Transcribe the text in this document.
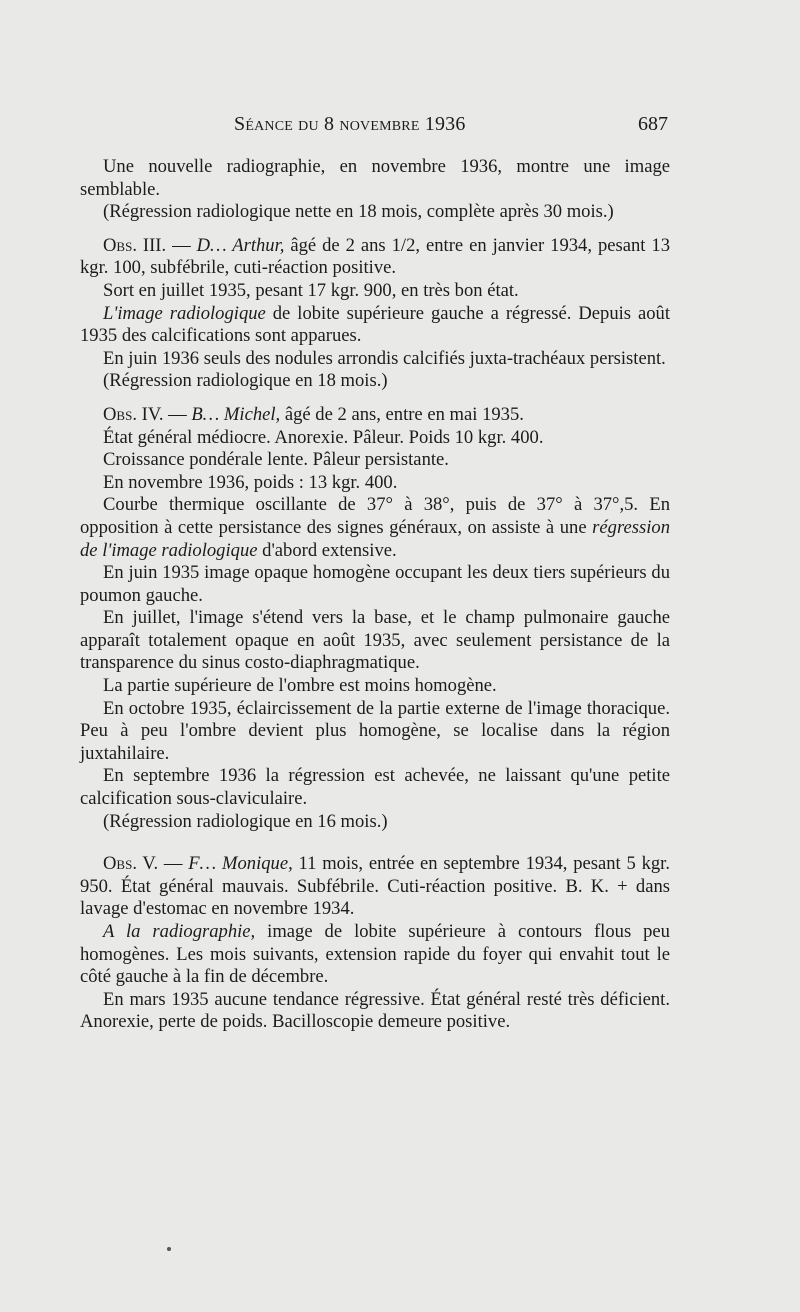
Séance du 8 novembre 1936	687

Une nouvelle radiographie, en novembre 1936, montre une image semblable.

(Régression radiologique nette en 18 mois, complète après 30 mois.)

Obs. III. — D… Arthur, âgé de 2 ans 1/2, entre en janvier 1934, pesant 13 kgr. 100, subfébrile, cuti-réaction positive.

Sort en juillet 1935, pesant 17 kgr. 900, en très bon état.

L'image radiologique de lobite supérieure gauche a régressé. Depuis août 1935 des calcifications sont apparues.

En juin 1936 seuls des nodules arrondis calcifiés juxta-trachéaux persistent.

(Régression radiologique en 18 mois.)

Obs. IV. — B… Michel, âgé de 2 ans, entre en mai 1935.

État général médiocre. Anorexie. Pâleur. Poids 10 kgr. 400.

Croissance pondérale lente. Pâleur persistante.

En novembre 1936, poids : 13 kgr. 400.

Courbe thermique oscillante de 37° à 38°, puis de 37° à 37°,5. En opposition à cette persistance des signes généraux, on assiste à une régression de l'image radiologique d'abord extensive.

En juin 1935 image opaque homogène occupant les deux tiers supérieurs du poumon gauche.

En juillet, l'image s'étend vers la base, et le champ pulmonaire gauche apparaît totalement opaque en août 1935, avec seulement persistance de la transparence du sinus costo-diaphragmatique.

La partie supérieure de l'ombre est moins homogène.

En octobre 1935, éclaircissement de la partie externe de l'image thoracique. Peu à peu l'ombre devient plus homogène, se localise dans la région juxtahilaire.

En septembre 1936 la régression est achevée, ne laissant qu'une petite calcification sous-claviculaire.

(Régression radiologique en 16 mois.)

Obs. V. — F… Monique, 11 mois, entrée en septembre 1934, pesant 5 kgr. 950. État général mauvais. Subfébrile. Cuti-réaction positive. B. K. + dans lavage d'estomac en novembre 1934.

A la radiographie, image de lobite supérieure à contours flous peu homogènes. Les mois suivants, extension rapide du foyer qui envahit tout le côté gauche à la fin de décembre.

En mars 1935 aucune tendance régressive. État général resté très déficient. Anorexie, perte de poids. Bacilloscopie demeure positive.
